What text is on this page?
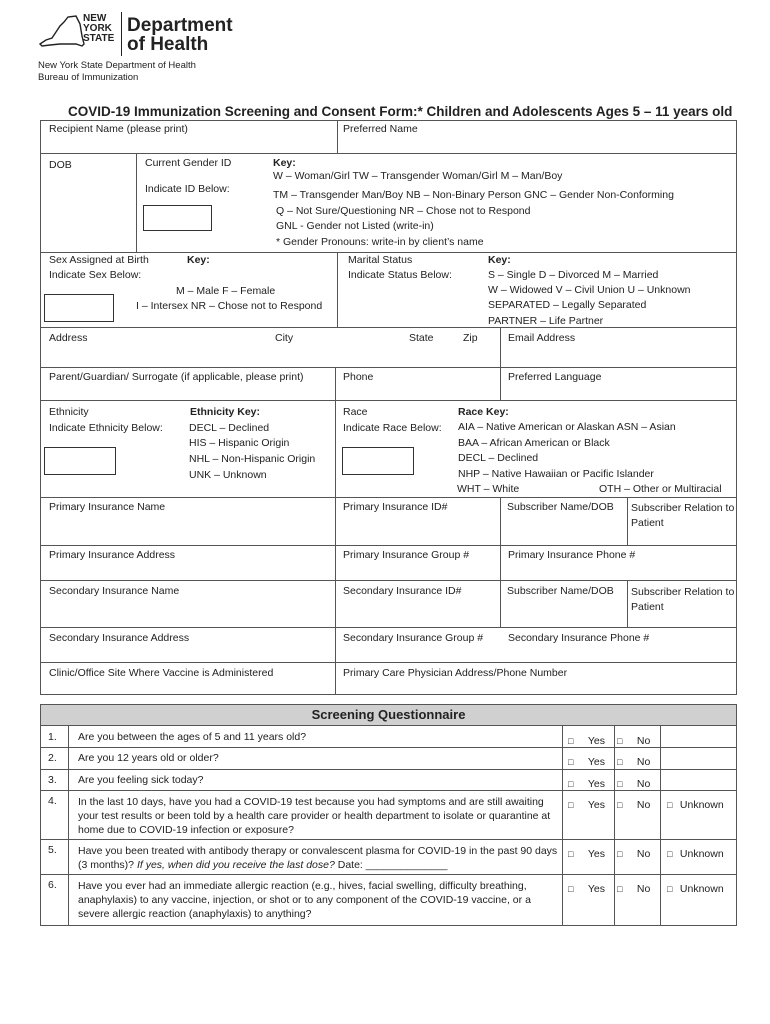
NEW
YORK
STATE
Department
of Health
New York State Department of Health
Bureau of Immunization
COVID-19 Immunization Screening and Consent Form:* Children and Adolescents Ages 5 – 11 years old
Recipient Name (please print)	Preferred Name
DOB	Current Gender ID
Indicate ID Below:
Key:
W – Woman/Girl TW – Transgender Woman/Girl M – Man/Boy
TM – Transgender Man/Boy NB – Non-Binary Person GNC – Gender Non-Conforming
Q – Not Sure/Questioning NR – Chose not to Respond
GNL - Gender not Listed (write-in)
* Gender Pronouns: write-in by client’s name
Sex Assigned at Birth	Key:
Indicate Sex Below:
M – Male F – Female
I – Intersex NR – Chose not to Respond
Marital Status	Key:
Indicate Status Below:	S – Single D – Divorced M – Married
W – Widowed V – Civil Union U – Unknown
SEPARATED – Legally Separated
PARTNER – Life Partner
Address	City	State	Zip	Email Address
Parent/Guardian/ Surrogate (if applicable, please print)	Phone	Preferred Language
Ethnicity	Ethnicity Key:
Indicate Ethnicity Below: DECL – Declined
HIS – Hispanic Origin
NHL – Non-Hispanic Origin
UNK – Unknown
Race	Race Key:
Indicate Race Below: AIA – Native American or Alaskan ASN – Asian
BAA – African American or Black
DECL – Declined
NHP – Native Hawaiian or Pacific Islander
WHT – White	OTH – Other or Multiracial
Primary Insurance Name	Primary Insurance ID#	Subscriber Name/DOB Subscriber Relation to Patient
Primary Insurance Address	Primary Insurance Group #	Primary Insurance Phone #
Secondary Insurance Name	Secondary Insurance ID#	Subscriber Name/DOB Subscriber Relation to Patient
Secondary Insurance Address	Secondary Insurance Group # Secondary Insurance Phone #
Clinic/Office Site Where Vaccine is Administered	Primary Care Physician Address/Phone Number
Screening Questionnaire
1. Are you between the ages of 5 and 11 years old?	□ Yes □ No
2. Are you 12 years old or older?	□ Yes □ No
3. Are you feeling sick today?	□ Yes □ No
4. In the last 10 days, have you had a COVID-19 test because you had symptoms and are still awaiting your test results or been told by a health care provider or health department to isolate or quarantine at home due to COVID-19 infection or exposure?
□ Yes □ No □ Unknown
5. Have you been treated with antibody therapy or convalescent plasma for COVID-19 in the past 90 days (3 months)? If yes, when did you receive the last dose? Date: ______________
□ Yes □ No □ Unknown
6. Have you ever had an immediate allergic reaction (e.g., hives, facial swelling, difficulty breathing, anaphylaxis) to any vaccine, injection, or shot or to any component of the COVID-19 vaccine, or a severe allergic reaction (anaphylaxis) to anything?
□ Yes □ No □ Unknown
